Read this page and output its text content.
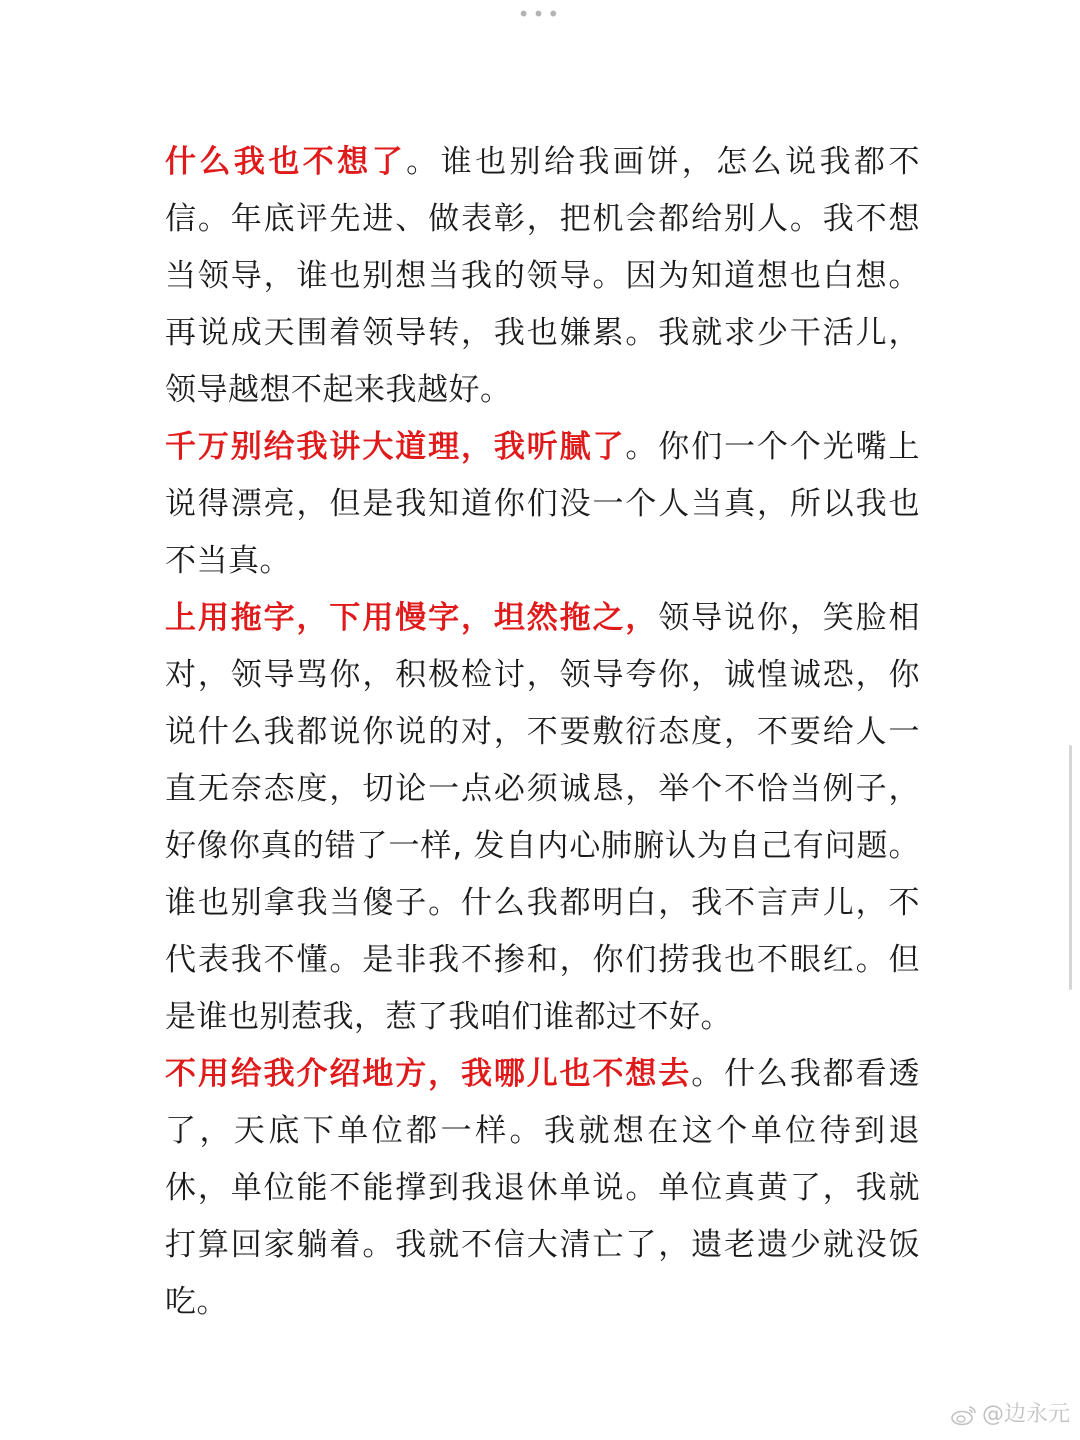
•••

什么我也不想了。谁也别给我画饼，怎么说我都不信。年底评先进、做表彰，把机会都给别人。我不想当领导，谁也别想当我的领导。因为知道想也白想。再说成天围着领导转，我也嫌累。我就求少干活儿，领导越想不起来我越好。

千万别给我讲大道理，我听腻了。你们一个个光嘴上说得漂亮，但是我知道你们没一个人当真，所以我也不当真。

上用拖字，下用慢字，坦然拖之，领导说你，笑脸相对，领导骂你，积极检讨，领导夸你，诚惶诚恐，你说什么我都说你说的对，不要敷衍态度，不要给人一直无奈态度，切论一点必须诚恳，举个不恰当例子，好像你真的错了一样, 发自内心肺腑认为自己有问题。谁也别拿我当傻子。什么我都明白，我不言声儿，不代表我不懂。是非我不掺和，你们捞我也不眼红。但是谁也别惹我，惹了我咱们谁都过不好。

不用给我介绍地方，我哪儿也不想去。什么我都看透了，天底下单位都一样。我就想在这个单位待到退休，单位能不能撑到我退休单说。单位真黄了，我就打算回家躺着。我就不信大清亡了，遗老遗少就没饭吃。

@边永元
